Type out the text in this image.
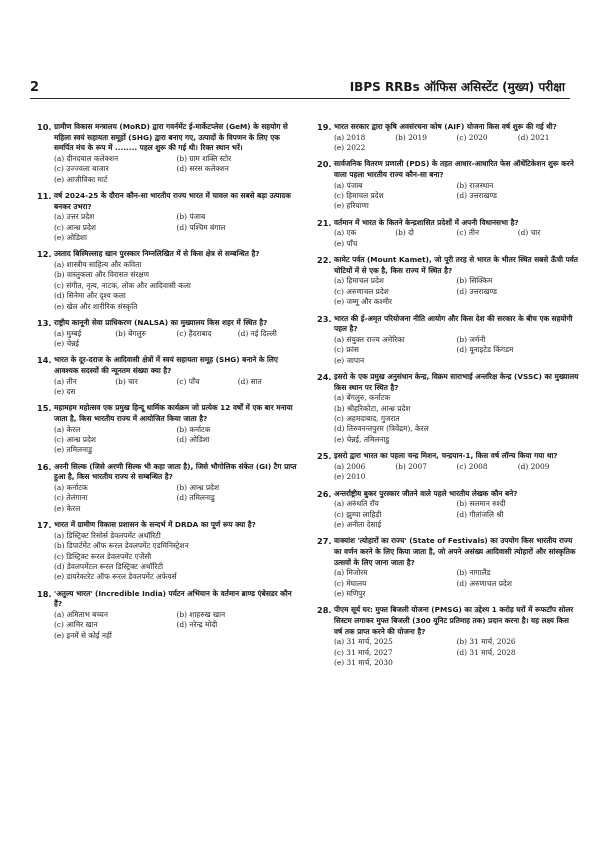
2	IBPS RRBs ऑफिस असिस्टेंट (मुख्य) परीक्षा
10. ग्रामीण विकास मन्त्रालय (MoRD) द्वारा गवर्नमेंट ई-मार्केटप्लेस (GeM) के सहयोग से महिला स्वयं सहायता समूहों (SHG) द्वारा बनाए गए, उत्पादों के विपणन के लिए एक समर्पित मंच के रूप में ........ पहल शुरू की गई थी। रिक्त स्थान भरें।
(a) दीनदयाल कलेक्शन	(b) ग्राम शक्ति स्टोर
(c) उज्ज्वला बाजार	(d) सरस कलेक्शन
(e) आजीविका मार्ट
11. वर्ष 2024-25 के दौरान कौन-सा भारतीय राज्य भारत में चावल का सबसे बड़ा उत्पादक बनकर उभरा?
(a) उत्तर प्रदेश	(b) पंजाब
(c) आन्ध्र प्रदेश	(d) पश्चिम बंगाल
(e) ओडिशा
12. उस्ताद बिस्मिल्लाह खान पुरस्कार निम्नलिखित में से किस क्षेत्र से सम्बन्धित है?
(a) शास्त्रीय साहित्य और कविता
(b) वास्तुकला और विरासत संरक्षण
(c) संगीत, नृत्य, नाटक, लोक और आदिवासी कला
(d) सिनेमा और दृश्य कला
(e) खेल और शारीरिक संस्कृति
13. राष्ट्रीय कानूनी सेवा प्राधिकरण (NALSA) का मुख्यालय किस शहर में स्थित है?
(a) मुम्बई	(b) बेंगलुरु	(c) हैदराबाद	(d) नई दिल्ली
(e) चेन्नई
14. भारत के दूर-दराज के आदिवासी क्षेत्रों में स्वयं सहायता समूह (SHG) बनाने के लिए आवश्यक सदस्यों की न्यूनतम संख्या क्या है?
(a) तीन	(b) चार	(c) पाँच	(d) सात
(e) दस
15. महामहम महोत्सव एक प्रमुख हिन्दू धार्मिक कार्यक्रम जो प्रत्येक 12 वर्षों में एक बार मनाया जाता है, किस भारतीय राज्य में आयोजित किया जाता है?
(a) केरल	(b) कर्नाटक
(c) आन्ध्र प्रदेश	(d) ओडिशा
(e) तमिलनाडु
16. अरनी सिल्क (जिसे अरणी सिल्क भी कहा जाता है), जिसे भौगोलिक संकेत (GI) टैग प्राप्त हुआ है, किस भारतीय राज्य से सम्बन्धित है?
(a) कर्नाटक	(b) आन्ध्र प्रदेश
(c) तेलंगाना	(d) तमिलनाडु
(e) केरल
17. भारत में ग्रामीण विकास प्रशासन के सन्दर्भ में DRDA का पूर्ण रूप क्या है?
(a) डिस्ट्रिक्ट रिसोर्स डेवलपमेंट अथॉरिटी
(b) डिपार्टमेंट ऑफ रूरल डेवलपमेंट एडमिनिस्ट्रेशन
(c) डिस्ट्रिक्ट रूरल डेवलपमेंट एजेंसी
(d) डेवलपमेंटल रूरल डिस्ट्रिक्ट अथॉरिटी
(e) डायरेक्टरेट ऑफ रूरल डेवलपमेंट अफेयर्स
18. 'अतुल्य भारत' (Incredible India) पर्यटन अभियान के वर्तमान ब्राण्ड एंबेसडर कौन हैं?
(a) अमिताभ बच्चन	(b) शाहरुख खान
(c) आमिर खान	(d) नरेन्द्र मोदी
(e) इनमें से कोई नहीं
19. भारत सरकार द्वारा कृषि अवसंरचना कोष (AIF) योजना किस वर्ष शुरू की गई थी?
(a) 2018	(b) 2019	(c) 2020	(d) 2021
(e) 2022
20. सार्वजनिक वितरण प्रणाली (PDS) के तहत आधार-आधारित फेस ऑथेंटिकेशन शुरू करने वाला पहला भारतीय राज्य कौन-सा बना?
(a) पंजाब	(b) राजस्थान
(c) हिमाचल प्रदेश	(d) उत्तराखण्ड
(e) हरियाणा
21. वर्तमान में भारत के कितने केन्द्रशासित प्रदेशों में अपनी विधानसभा है?
(a) एक	(b) दो	(c) तीन	(d) चार
(e) पाँच
22. कामेट पर्वत (Mount Kamet), जो पूरी तरह से भारत के भीतर स्थित सबसे ऊँची पर्वत चोटियों में से एक है, किस राज्य में स्थित है?
(a) हिमाचल प्रदेश	(b) सिक्किम
(c) अरुणाचल प्रदेश	(d) उत्तराखण्ड
(e) जम्मू और कश्मीर
23. भारत की ई-अमृत परियोजना नीति आयोग और किस देश की सरकार के बीच एक सहयोगी पहल है?
(a) संयुक्त राज्य अमेरिका	(b) जर्मनी
(c) फ्रांस	(d) यूनाइटेड किंगडम
(e) जापान
24. इसरो के एक प्रमुख अनुसंधान केन्द्र, विक्रम साराभाई अन्तरिक्ष केन्द्र (VSSC) का मुख्यालय किस स्थान पर स्थित है?
(a) बेंगलुरु, कर्नाटक
(b) श्रीहरिकोटा, आन्ध्र प्रदेश
(c) अहमदाबाद, गुजरात
(d) तिरुवनन्तपुरम (त्रिवेंद्रम), केरल
(e) चेन्नई, तमिलनाडु
25. इसरो द्वारा भारत का पहला चन्द्र मिशन, चन्द्रयान-1, किस वर्ष लॉन्च किया गया था?
(a) 2006	(b) 2007	(c) 2008	(d) 2009
(e) 2010
26. अन्तर्राष्ट्रीय बुकर पुरस्कार जीतने वाले पहले भारतीय लेखक कौन बने?
(a) अरुंधति रॉय	(b) सलमान रुश्दी
(c) झुम्पा लाहिड़ी	(d) गीतांजलि श्री
(e) अनीता देसाई
27. वाक्यांश 'त्योहारों का राज्य' (State of Festivals) का उपयोग किस भारतीय राज्य का वर्णन करने के लिए किया जाता है, जो अपने असंख्य आदिवासी त्योहारों और सांस्कृतिक उत्सवों के लिए जाना जाता है?
(a) मिजोरम	(b) नागालैंड
(c) मेघालय	(d) अरुणाचल प्रदेश
(e) मणिपुर
28. पीएम सूर्य घर: मुफ्त बिजली योजना (PMSG) का उद्देश्य 1 करोड़ घरों में रूफटॉप सोलर सिस्टम लगाकर मुफ्त बिजली (300 यूनिट प्रतिमाह तक) प्रदान करना है। यह लक्ष्य किस वर्ष तक प्राप्त करने की योजना है?
(a) 31 मार्च, 2025	(b) 31 मार्च, 2026
(c) 31 मार्च, 2027	(d) 31 मार्च, 2028
(e) 31 मार्च, 2030
